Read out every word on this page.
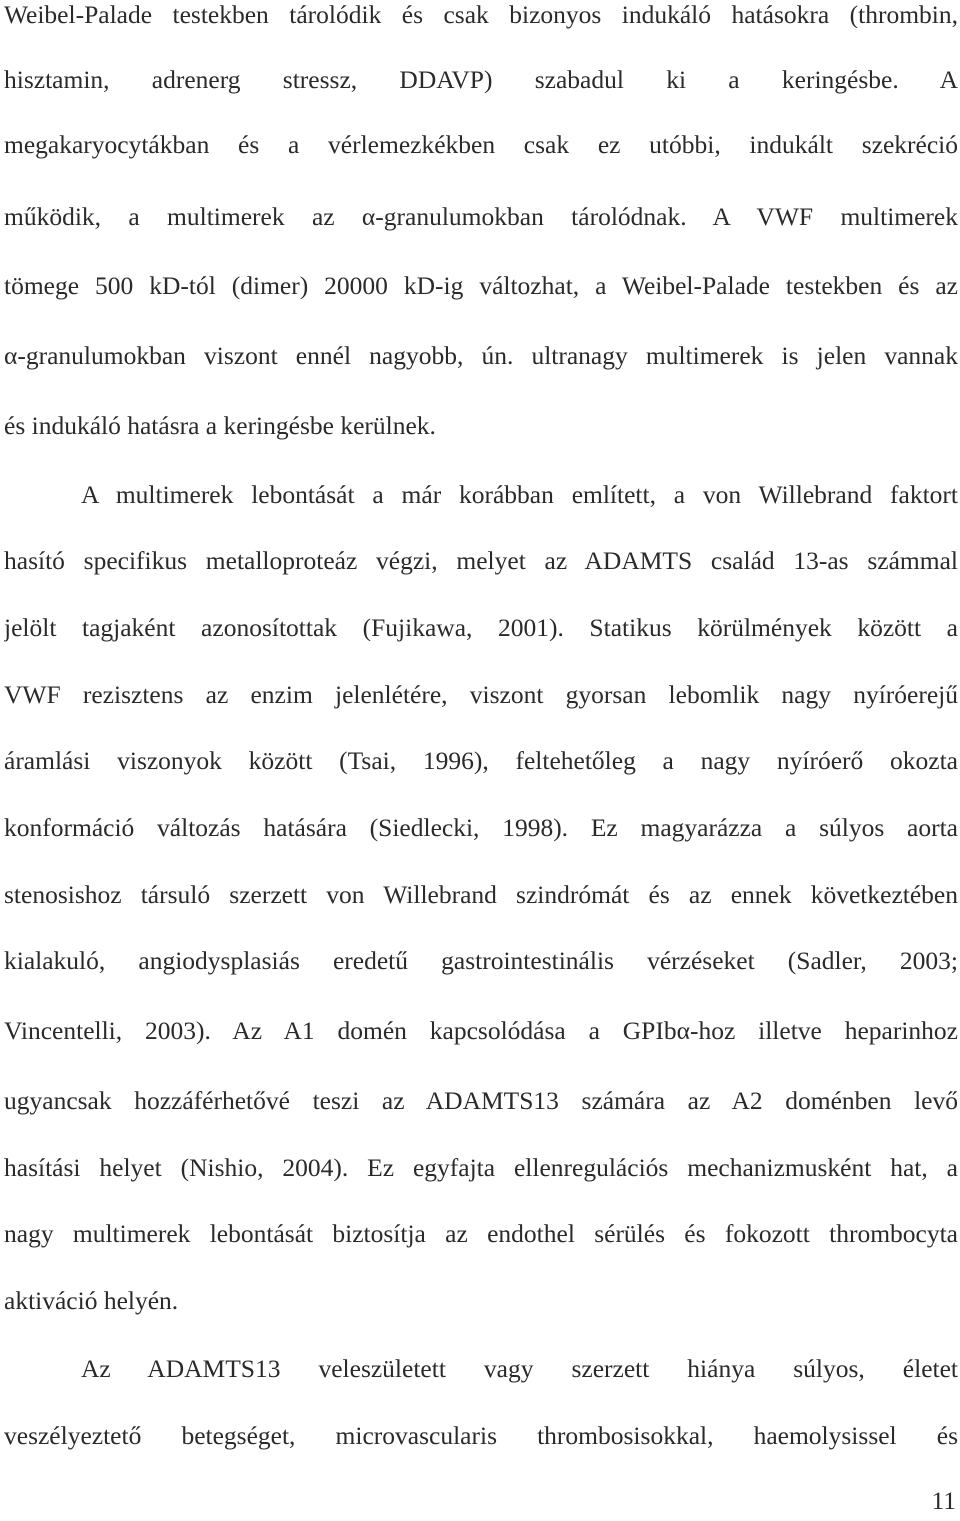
Weibel-Palade testekben tárolódik és csak bizonyos indukáló hatásokra (thrombin,
hisztamin, adrenerg stressz, DDAVP) szabadul ki a keringésbe. A
megakaryocytákban és a vérlemezkékben csak ez utóbbi, indukált szekréció
működik, a multimerek az α-granulumokban tárolódnak. A VWF multimerek
tömege 500 kD-tól (dimer) 20000 kD-ig változhat, a Weibel-Palade testekben és az
α-granulumokban viszont ennél nagyobb, ún. ultranagy multimerek is jelen vannak
és indukáló hatásra a keringésbe kerülnek.
A multimerek lebontását a már korábban említett, a von Willebrand faktort
hasító specifikus metalloproteáz végzi, melyet az ADAMTS család 13-as számmal
jelölt tagjaként azonosítottak (Fujikawa, 2001). Statikus körülmények között a
VWF rezisztens az enzim jelenlétére, viszont gyorsan lebomlik nagy nyíróerejű
áramlási viszonyok között (Tsai, 1996), feltehetőleg a nagy nyíróerő okozta
konformáció változás hatására (Siedlecki, 1998). Ez magyarázza a súlyos aorta
stenosishoz társuló szerzett von Willebrand szindrómát és az ennek következtében
kialakuló, angiodysplasiás eredetű gastrointestinális vérzéseket (Sadler, 2003;
Vincentelli, 2003). Az A1 domén kapcsolódása a GPIbα-hoz illetve heparinhoz
ugyancsak hozzáférhetővé teszi az ADAMTS13 számára az A2 doménben levő
hasítási helyet (Nishio, 2004). Ez egyfajta ellenregulációs mechanizmusként hat, a
nagy multimerek lebontását biztosítja az endothel sérülés és fokozott thrombocyta
aktiváció helyén.
Az ADAMTS13 veleszületett vagy szerzett hiánya súlyos, életet
veszélyeztető betegséget, microvascularis thrombosisokkal, haemolysissel és
11
